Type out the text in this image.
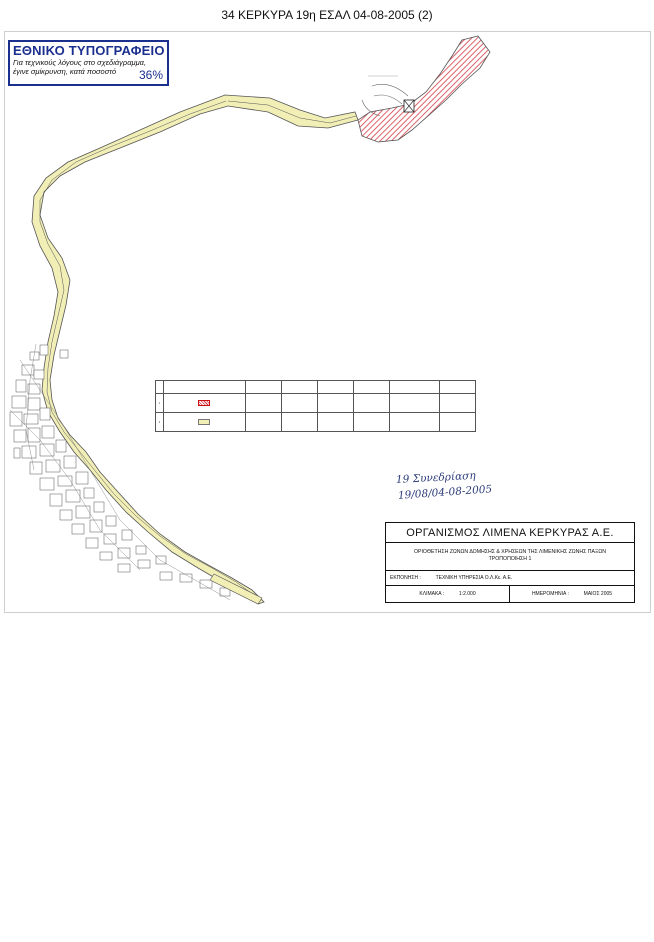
34 ΚΕΡΚΥΡΑ 19η ΕΣΑΛ 04-08-2005 (2)
ΕΘΝΙΚΟ ΤΥΠΟΓΡΑΦΕΙΟ
Για τεχνικούς λόγους στο σχεδιάγραμμα,
έγινε σμίκρυνση, κατά ποσοστό	36%

1							
2							
19 Συνεδρίαση
19/08/04-08-2005
ΟΡΓΑΝΙΣΜΟΣ ΛΙΜΕΝΑ ΚΕΡΚΥΡΑΣ Α.Ε.
ΟΡΙΟΘΕΤΗΣΗ ΖΩΝΩΝ ΔΟΜΗΣΗΣ & ΧΡΗΣΕΩΝ ΤΗΣ ΛΙΜΕΝΙΚΗΣ ΖΩΝΗΣ ΠΑΞΩΝ
ΤΡΟΠΟΠΟΙΗΣΗ 1
ΕΚΠΟΝΗΣΗ :	ΤΕΧΝΙΚΗ ΥΠΗΡΕΣΙΑ Ο.Λ.Κε. Α.Ε.
ΚΛΙΜΑΚΑ :	1:2.000	ΗΜΕΡΟΜΗΝΙΑ :	ΜΑΙΟΣ 2005
